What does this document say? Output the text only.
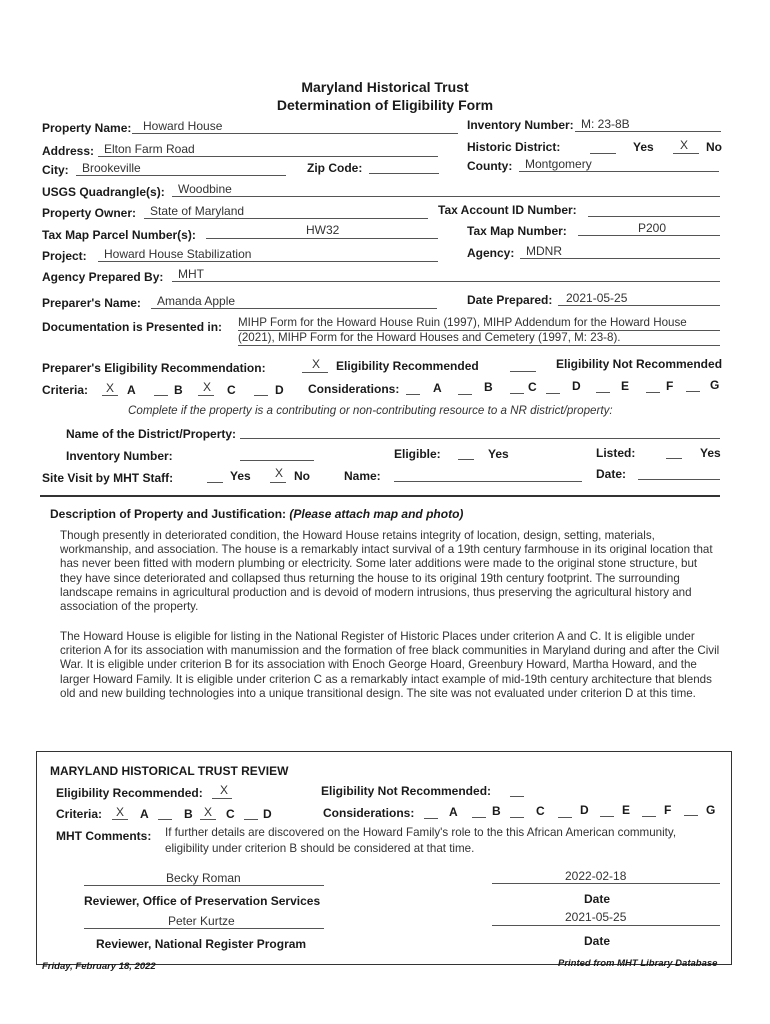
Maryland Historical Trust
Determination of Eligibility Form
Property Name: Howard House	Inventory Number: M: 23-8B
Address: Elton Farm Road	Historic District:	Yes X No
City: Brookeville	Zip Code:	County: Montgomery
USGS Quadrangle(s): Woodbine
Property Owner: State of Maryland	Tax Account ID Number:
Tax Map Parcel Number(s):	HW32	Tax Map Number:	P200
Project: Howard House Stabilization	Agency: MDNR
Agency Prepared By: MHT
Preparer's Name: Amanda Apple	Date Prepared: 2021-05-25
Documentation is Presented in: MIHP Form for the Howard House Ruin (1997), MIHP Addendum for the Howard House
(2021), MIHP Form for the Howard Houses and Cemetery (1997, M: 23-8).
Preparer's Eligibility Recommendation:	X Eligibility Recommended	Eligibility Not Recommended
Criteria: X A	B X C	D Considerations:	A	B	C	D	E	F	G
Complete if the property is a contributing or non-contributing resource to a NR district/property:
Name of the District/Property:
Inventory Number:	Eligible:	Yes	Listed:	Yes
Site Visit by MHT Staff:	Yes X No	Name:	Date:
Description of Property and Justification: (Please attach map and photo)
Though presently in deteriorated condition, the Howard House retains integrity of location, design, setting, materials, workmanship, and association. The house is a remarkably intact survival of a 19th century farmhouse in its original location that has never been fitted with modern plumbing or electricity. Some later additions were made to the original stone structure, but they have since deteriorated and collapsed thus returning the house to its original 19th century footprint. The surrounding landscape remains in agricultural production and is devoid of modern intrusions, thus preserving the agricultural history and association of the property.
The Howard House is eligible for listing in the National Register of Historic Places under criterion A and C. It is eligible under criterion A for its association with manumission and the formation of free black communities in Maryland during and after the Civil War. It is eligible under criterion B for its association with Enoch George Hoard, Greenbury Howard, Martha Howard, and the larger Howard Family. It is eligible under criterion C as a remarkably intact example of mid-19th century architecture that blends old and new building technologies into a unique transitional design. The site was not evaluated under criterion D at this time.
MARYLAND HISTORICAL TRUST REVIEW
Eligibility Recommended: X	Eligibility Not Recommended:
Criteria: X A	B X C D	Considerations:	A	B	C	D	E	F	G
MHT Comments: If further details are discovered on the Howard Family's role to the this African American community,
eligibility under criterion B should be considered at that time.
Becky Roman	2022-02-18
Reviewer, Office of Preservation Services	Date
Peter Kurtze	2021-05-25
Reviewer, National Register Program	Date
Friday, February 18, 2022	Printed from MHT Library Database
